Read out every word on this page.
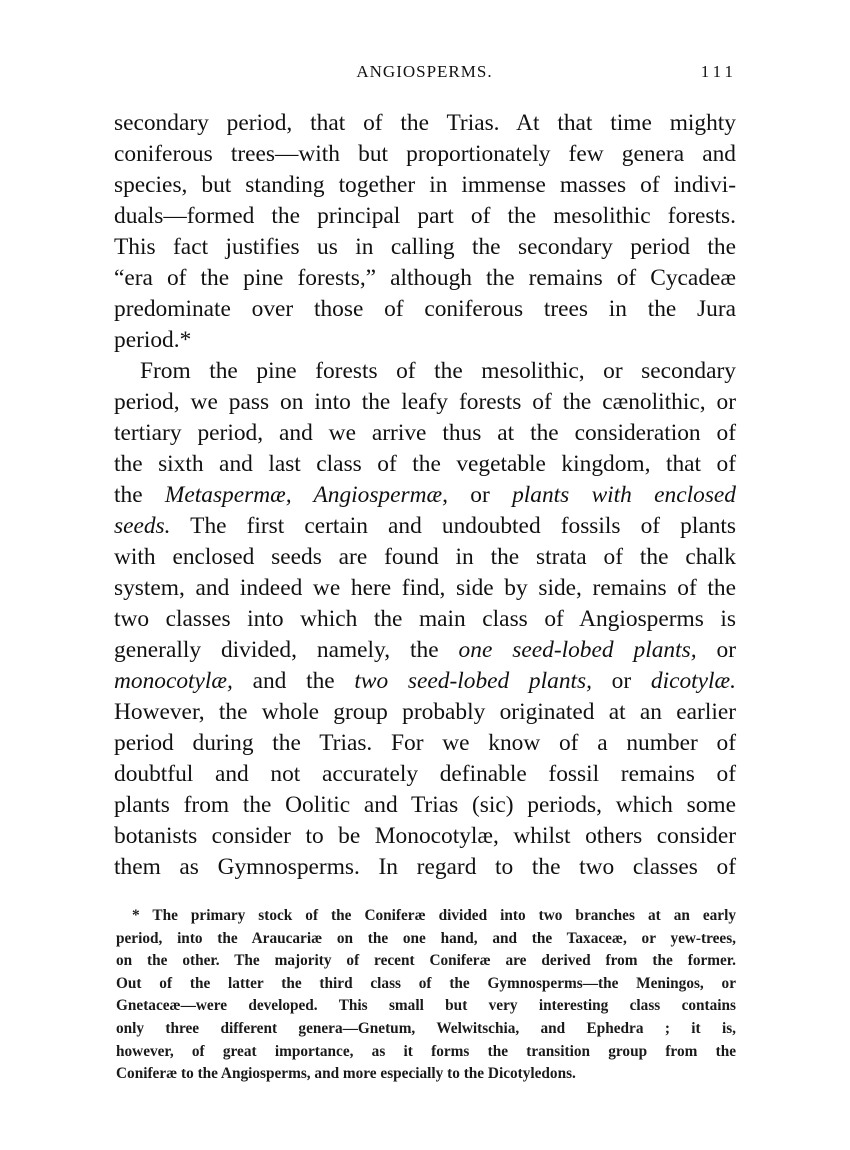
ANGIOSPERMS.	111
secondary period, that of the Trias. At that time mighty
coniferous trees—with but proportionately few genera and
species, but standing together in immense masses of indivi-
duals—formed the principal part of the mesolithic forests.
This fact justifies us in calling the secondary period the
“era of the pine forests,” although the remains of Cycadeæ
predominate over those of coniferous trees in the Jura
period.*
From the pine forests of the mesolithic, or secondary
period, we pass on into the leafy forests of the cænolithic, or
tertiary period, and we arrive thus at the consideration of
the sixth and last class of the vegetable kingdom, that of
the Metaspermæ, Angiospermæ, or plants with enclosed
seeds. The first certain and undoubted fossils of plants
with enclosed seeds are found in the strata of the chalk
system, and indeed we here find, side by side, remains of the
two classes into which the main class of Angiosperms is
generally divided, namely, the one seed-lobed plants, or
monocotylæ, and the two seed-lobed plants, or dicotylæ.
However, the whole group probably originated at an earlier
period during the Trias. For we know of a number of
doubtful and not accurately definable fossil remains of
plants from the Oolitic and Trias (sic) periods, which some
botanists consider to be Monocotylæ, whilst others consider
them as Gymnosperms. In regard to the two classes of
* The primary stock of the Coniferæ divided into two branches at an early
period, into the Araucariæ on the one hand, and the Taxaceæ, or yew-trees,
on the other. The majority of recent Coniferæ are derived from the former.
Out of the latter the third class of the Gymnosperms—the Meningos, or
Gnetaceæ—were developed. This small but very interesting class contains
only three different genera—Gnetum, Welwitschia, and Ephedra ; it is,
however, of great importance, as it forms the transition group from the
Coniferæ to the Angiosperms, and more especially to the Dicotyledons.
